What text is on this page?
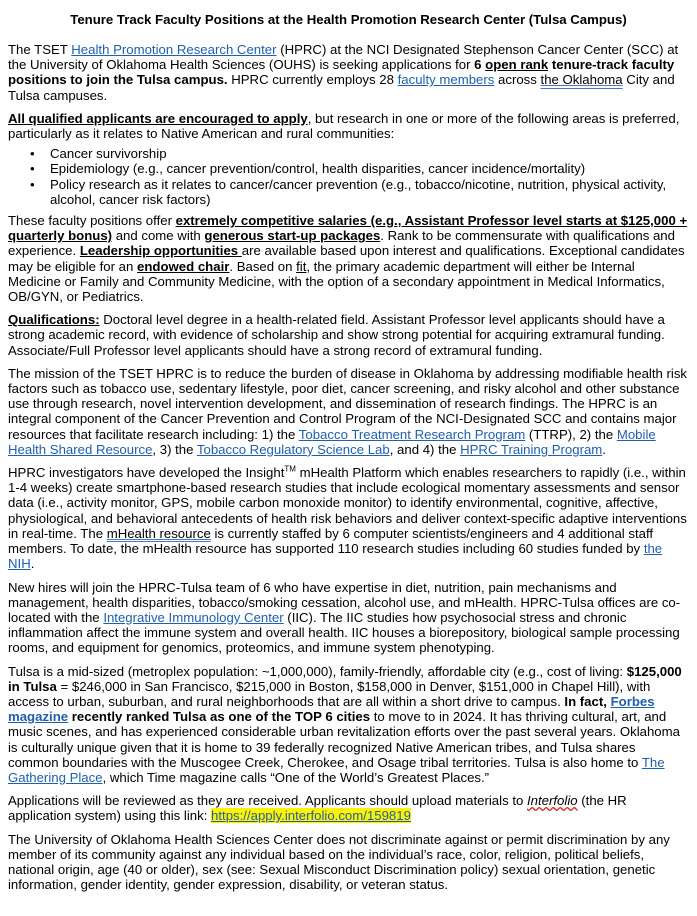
Tenure Track Faculty Positions at the Health Promotion Research Center (Tulsa Campus)

The TSET Health Promotion Research Center (HPRC) at the NCI Designated Stephenson Cancer Center (SCC) at the University of Oklahoma Health Sciences (OUHS) is seeking applications for 6 open rank tenure-track faculty positions to join the Tulsa campus. HPRC currently employs 28 faculty members across the Oklahoma City and Tulsa campuses.

All qualified applicants are encouraged to apply, but research in one or more of the following areas is preferred, particularly as it relates to Native American and rural communities:

• Cancer survivorship
• Epidemiology (e.g., cancer prevention/control, health disparities, cancer incidence/mortality)
• Policy research as it relates to cancer/cancer prevention (e.g., tobacco/nicotine, nutrition, physical activity, alcohol, cancer risk factors)

These faculty positions offer extremely competitive salaries (e.g., Assistant Professor level starts at $125,000 + quarterly bonus) and come with generous start-up packages. Rank to be commensurate with qualifications and experience. Leadership opportunities are available based upon interest and qualifications. Exceptional candidates may be eligible for an endowed chair. Based on fit, the primary academic department will either be Internal Medicine or Family and Community Medicine, with the option of a secondary appointment in Medical Informatics, OB/GYN, or Pediatrics.

Qualifications: Doctoral level degree in a health-related field. Assistant Professor level applicants should have a strong academic record, with evidence of scholarship and show strong potential for acquiring extramural funding. Associate/Full Professor level applicants should have a strong record of extramural funding.

The mission of the TSET HPRC is to reduce the burden of disease in Oklahoma by addressing modifiable health risk factors such as tobacco use, sedentary lifestyle, poor diet, cancer screening, and risky alcohol and other substance use through research, novel intervention development, and dissemination of research findings. The HPRC is an integral component of the Cancer Prevention and Control Program of the NCI-Designated SCC and contains major resources that facilitate research including: 1) the Tobacco Treatment Research Program (TTRP), 2) the Mobile Health Shared Resource, 3) the Tobacco Regulatory Science Lab, and 4) the HPRC Training Program.

HPRC investigators have developed the Insight™ mHealth Platform which enables researchers to rapidly (i.e., within 1-4 weeks) create smartphone-based research studies that include ecological momentary assessments and sensor data (i.e., activity monitor, GPS, mobile carbon monoxide monitor) to identify environmental, cognitive, affective, physiological, and behavioral antecedents of health risk behaviors and deliver context-specific adaptive interventions in real-time. The mHealth resource is currently staffed by 6 computer scientists/engineers and 4 additional staff members. To date, the mHealth resource has supported 110 research studies including 60 studies funded by the NIH.

New hires will join the HPRC-Tulsa team of 6 who have expertise in diet, nutrition, pain mechanisms and management, health disparities, tobacco/smoking cessation, alcohol use, and mHealth. HPRC-Tulsa offices are co-located with the Integrative Immunology Center (IIC). The IIC studies how psychosocial stress and chronic inflammation affect the immune system and overall health. IIC houses a biorepository, biological sample processing rooms, and equipment for genomics, proteomics, and immune system phenotyping.

Tulsa is a mid-sized (metroplex population: ~1,000,000), family-friendly, affordable city (e.g., cost of living: $125,000 in Tulsa = $246,000 in San Francisco, $215,000 in Boston, $158,000 in Denver, $151,000 in Chapel Hill), with access to urban, suburban, and rural neighborhoods that are all within a short drive to campus. In fact, Forbes magazine recently ranked Tulsa as one of the TOP 6 cities to move to in 2024. It has thriving cultural, art, and music scenes, and has experienced considerable urban revitalization efforts over the past several years. Oklahoma is culturally unique given that it is home to 39 federally recognized Native American tribes, and Tulsa shares common boundaries with the Muscogee Creek, Cherokee, and Osage tribal territories. Tulsa is also home to The Gathering Place, which Time magazine calls “One of the World’s Greatest Places.”

Applications will be reviewed as they are received. Applicants should upload materials to Interfolio (the HR application system) using this link: https://apply.interfolio.com/159819

The University of Oklahoma Health Sciences Center does not discriminate against or permit discrimination by any member of its community against any individual based on the individual’s race, color, religion, political beliefs, national origin, age (40 or older), sex (see: Sexual Misconduct Discrimination policy) sexual orientation, genetic information, gender identity, gender expression, disability, or veteran status.
